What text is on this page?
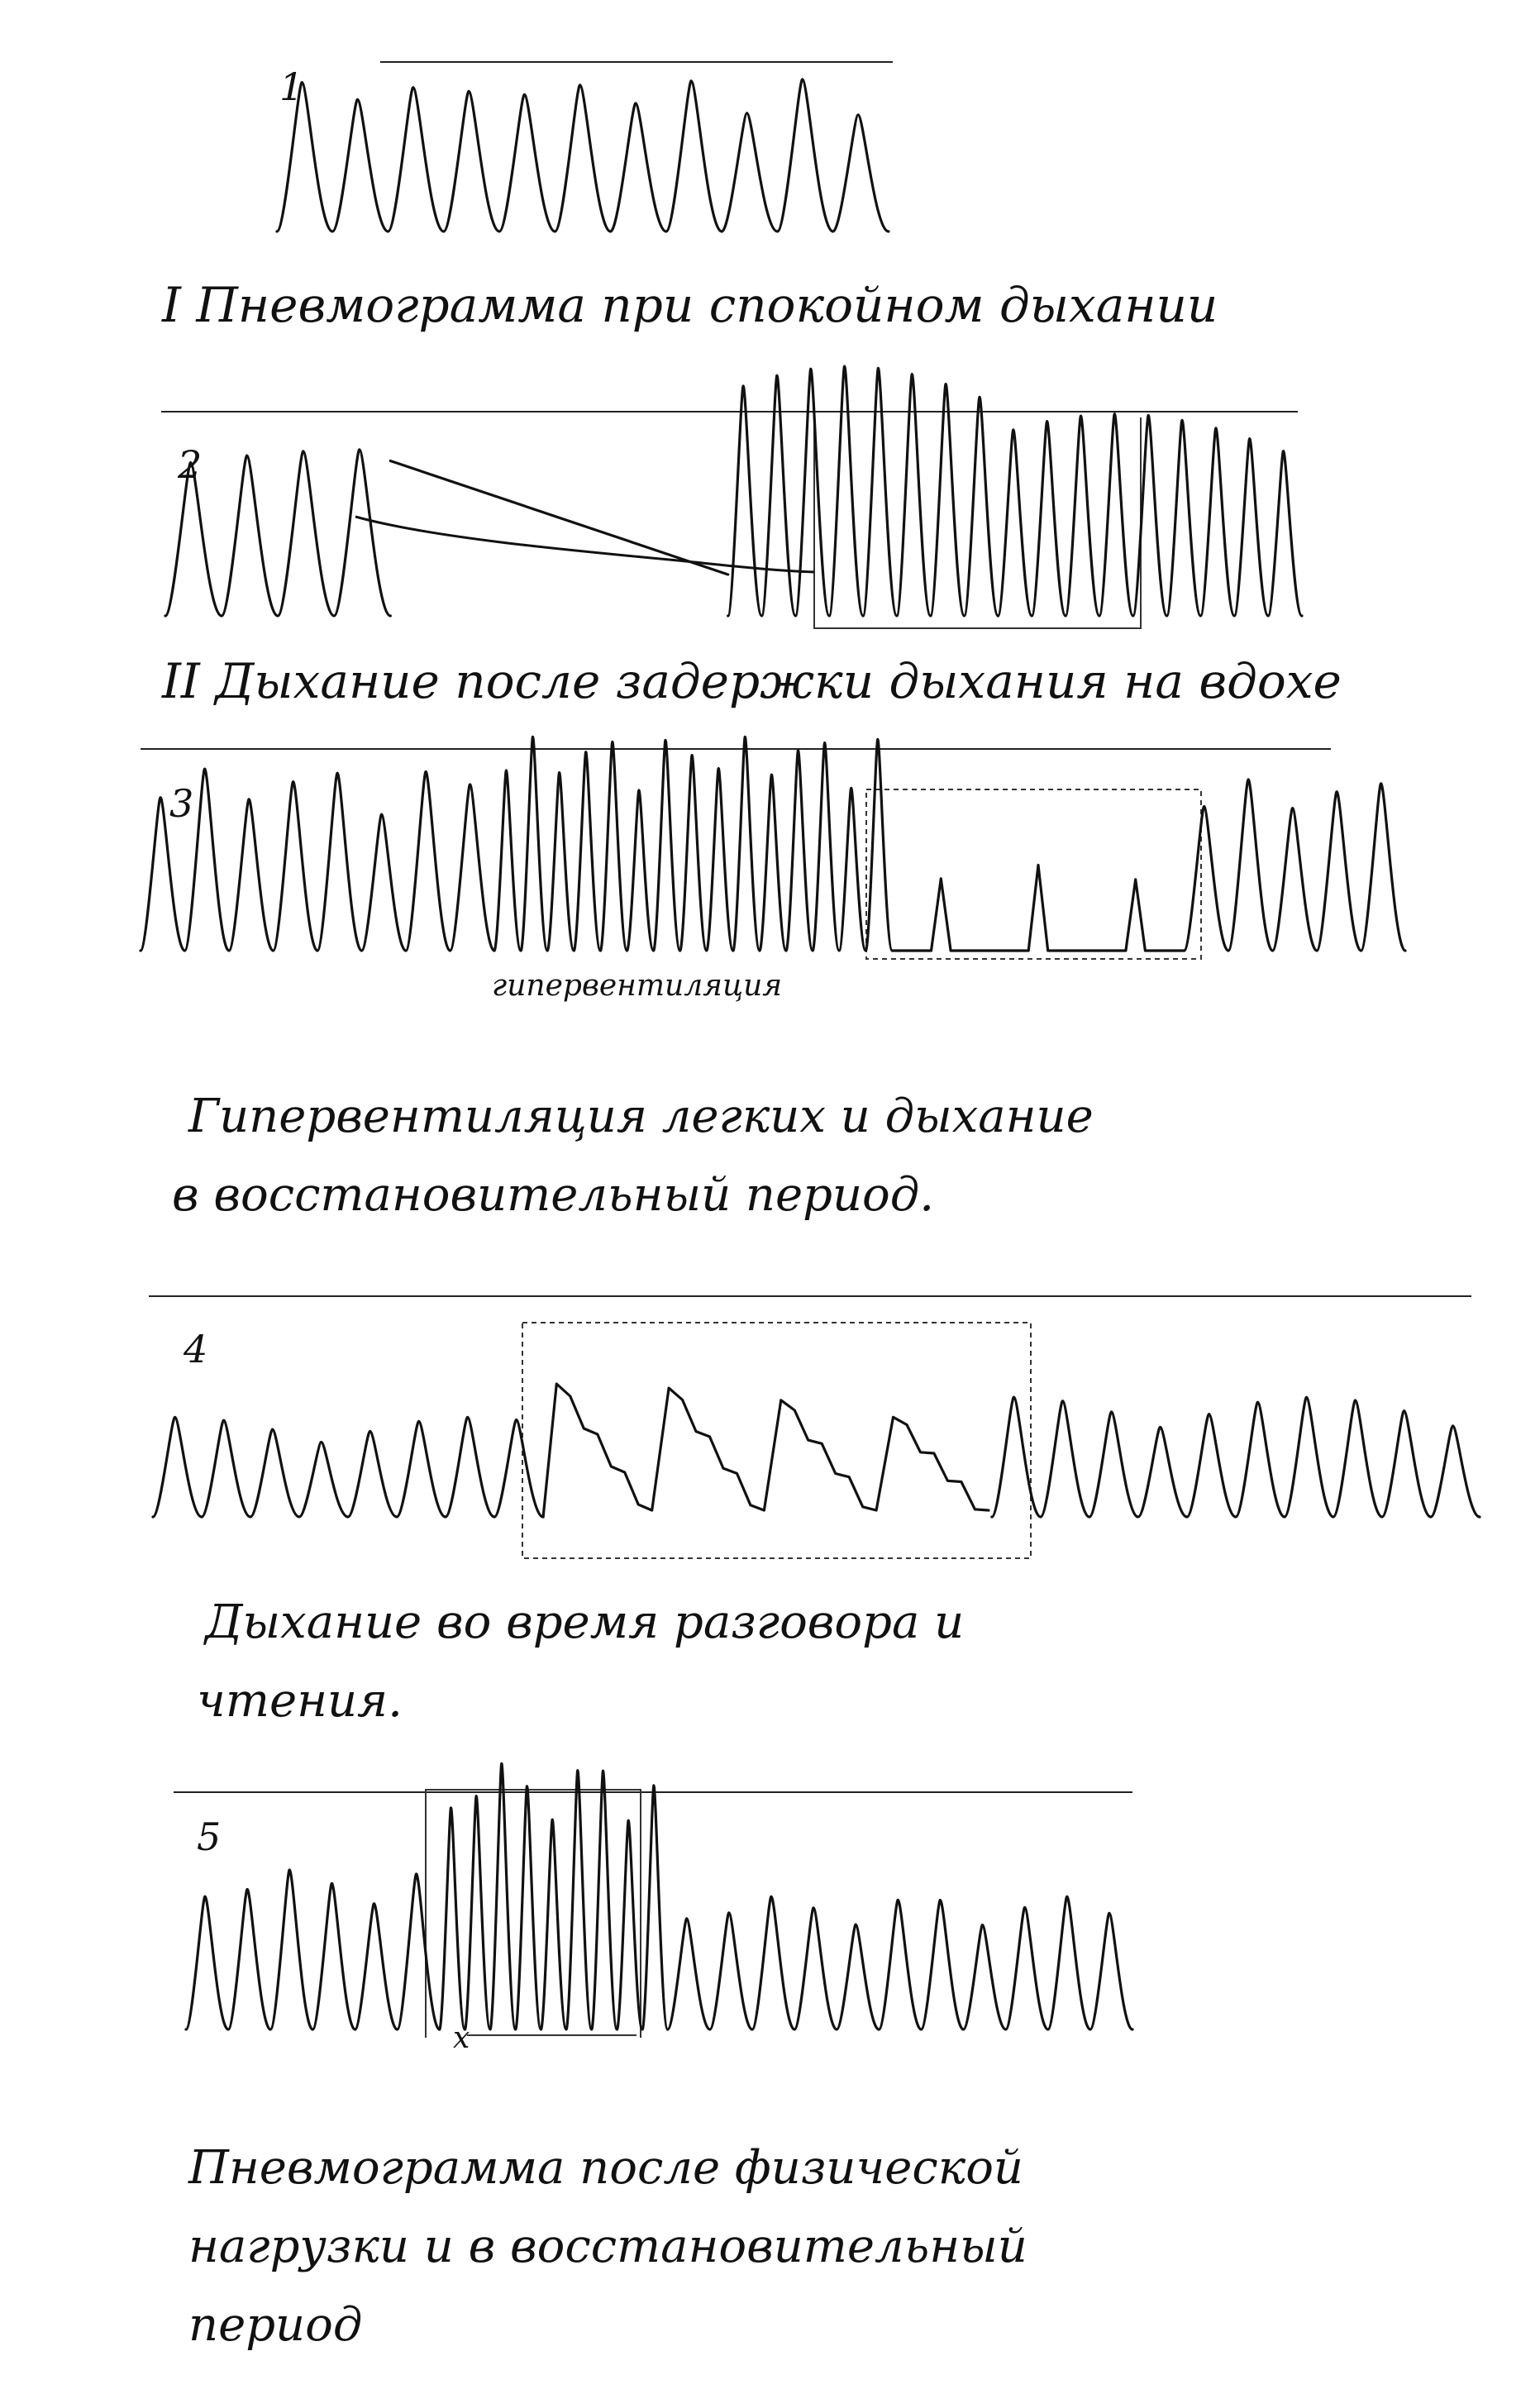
1
I Пневмограмма при спокойном дыхании
2
II Дыхание после задержки дыхания на вдохе
3
гипервентиляция
Гипервентиляция легких и дыхание
в восстановительный период.
4
Дыхание во время разговора и
чтения.
5
x
Пневмограмма после физической
нагрузки и в восстановительный
период
